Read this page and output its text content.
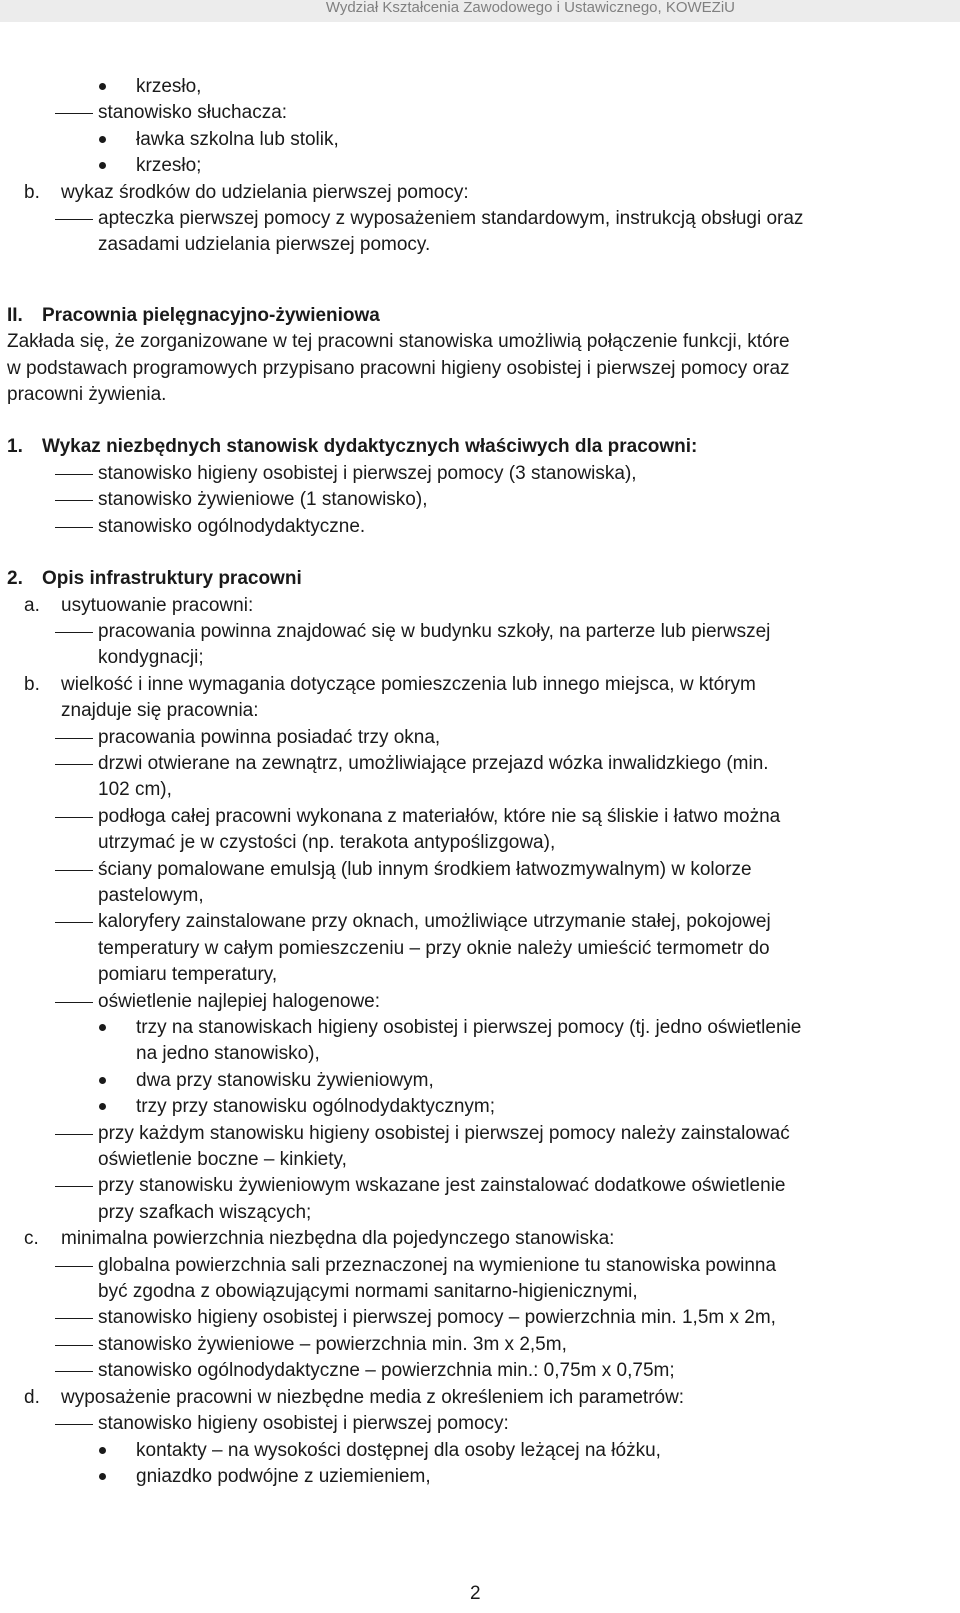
Wydział Kształcenia Zawodowego i Ustawicznego, KOWEZiU
krzesło,
stanowisko słuchacza:
ławka szkolna lub stolik,
krzesło;
b. wykaz środków do udzielania pierwszej pomocy:
apteczka pierwszej pomocy z wyposażeniem standardowym, instrukcją obsługi oraz
zasadami udzielania pierwszej pomocy.
II. Pracownia pielęgnacyjno-żywieniowa
Zakłada się, że zorganizowane w tej pracowni stanowiska umożliwią połączenie funkcji, które
w podstawach programowych przypisano pracowni higieny osobistej i pierwszej pomocy oraz
pracowni żywienia.
1. Wykaz niezbędnych stanowisk dydaktycznych właściwych dla pracowni:
stanowisko higieny osobistej i pierwszej pomocy (3 stanowiska),
stanowisko żywieniowe (1 stanowisko),
stanowisko ogólnodydaktyczne.
2. Opis infrastruktury pracowni
a. usytuowanie pracowni:
pracowania powinna znajdować się w budynku szkoły, na parterze lub pierwszej
kondygnacji;
b. wielkość i inne wymagania dotyczące pomieszczenia lub innego miejsca, w którym
znajduje się pracownia:
pracowania powinna posiadać trzy okna,
drzwi otwierane na zewnątrz, umożliwiające przejazd wózka inwalidzkiego (min.
102 cm),
podłoga całej pracowni wykonana z materiałów, które nie są śliskie i łatwo można
utrzymać je w czystości (np. terakota antypoślizgowa),
ściany pomalowane emulsją (lub innym środkiem łatwozmywalnym) w kolorze
pastelowym,
kaloryfery zainstalowane przy oknach, umożliwiące utrzymanie stałej, pokojowej
temperatury w całym pomieszczeniu – przy oknie należy umieścić termometr do
pomiaru temperatury,
oświetlenie najlepiej halogenowe:
trzy na stanowiskach higieny osobistej i pierwszej pomocy (tj. jedno oświetlenie
na jedno stanowisko),
dwa przy stanowisku żywieniowym,
trzy przy stanowisku ogólnodydaktycznym;
przy każdym stanowisku higieny osobistej i pierwszej pomocy należy zainstalować
oświetlenie boczne – kinkiety,
przy stanowisku żywieniowym wskazane jest zainstalować dodatkowe oświetlenie
przy szafkach wiszących;
c. minimalna powierzchnia niezbędna dla pojedynczego stanowiska:
globalna powierzchnia sali przeznaczonej na wymienione tu stanowiska powinna
być zgodna z obowiązującymi normami sanitarno-higienicznymi,
stanowisko higieny osobistej i pierwszej pomocy – powierzchnia min. 1,5m x 2m,
stanowisko żywieniowe – powierzchnia min. 3m x 2,5m,
stanowisko ogólnodydaktyczne – powierzchnia min.: 0,75m x 0,75m;
d. wyposażenie pracowni w niezbędne media z określeniem ich parametrów:
stanowisko higieny osobistej i pierwszej pomocy:
kontakty – na wysokości dostępnej dla osoby leżącej na łóżku,
gniazdko podwójne z uziemieniem,
2
